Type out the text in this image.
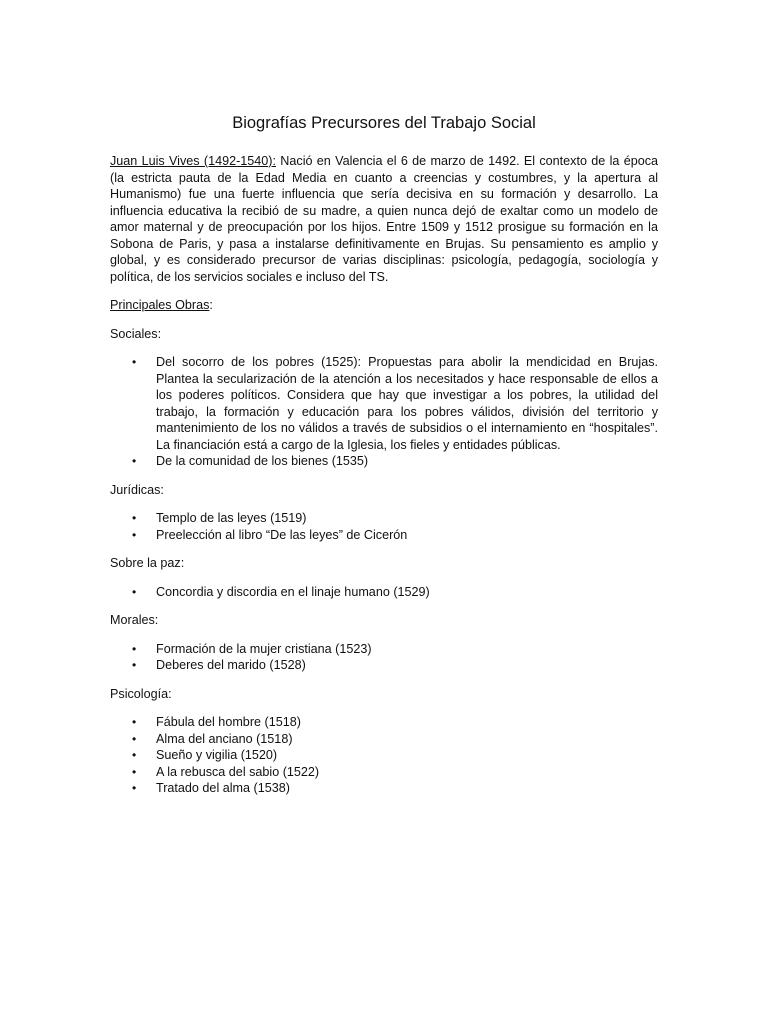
Biografías Precursores del Trabajo Social

Juan Luis Vives (1492-1540): Nació en Valencia el 6 de marzo de 1492. El contexto de la época (la estricta pauta de la Edad Media en cuanto a creencias y costumbres, y la apertura al Humanismo) fue una fuerte influencia que sería decisiva en su formación y desarrollo. La influencia educativa la recibió de su madre, a quien nunca dejó de exaltar como un modelo de amor maternal y de preocupación por los hijos. Entre 1509 y 1512 prosigue su formación en la Sobona de Paris, y pasa a instalarse definitivamente en Brujas. Su pensamiento es amplio y global, y es considerado precursor de varias disciplinas: psicología, pedagogía, sociología y política, de los servicios sociales e incluso del TS.

Principales Obras:

Sociales:

• Del socorro de los pobres (1525): Propuestas para abolir la mendicidad en Brujas. Plantea la secularización de la atención a los necesitados y hace responsable de ellos a los poderes políticos. Considera que hay que investigar a los pobres, la utilidad del trabajo, la formación y educación para los pobres válidos, división del territorio y mantenimiento de los no válidos a través de subsidios o el internamiento en “hospitales”. La financiación está a cargo de la Iglesia, los fieles y entidades públicas.
• De la comunidad de los bienes (1535)

Jurídicas:

• Templo de las leyes (1519)
• Preelección al libro “De las leyes” de Cicerón

Sobre la paz:

• Concordia y discordia en el linaje humano (1529)

Morales:

• Formación de la mujer cristiana (1523)
• Deberes del marido (1528)

Psicología:

• Fábula del hombre (1518)
• Alma del anciano (1518)
• Sueño y vigilia (1520)
• A la rebusca del sabio (1522)
• Tratado del alma (1538)
